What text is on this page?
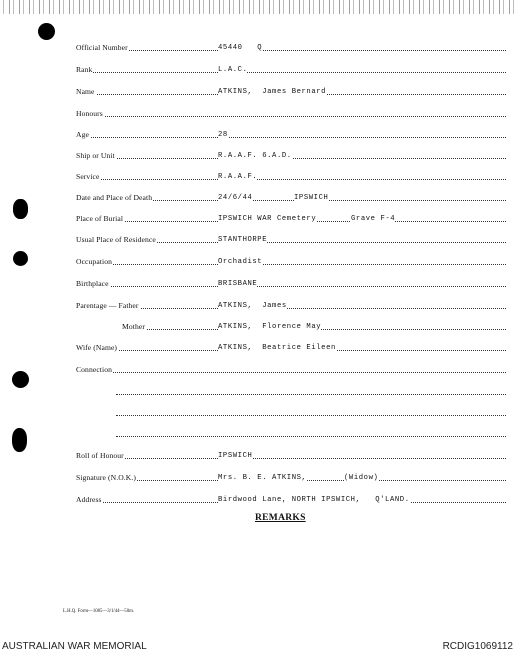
Official Number	45440   Q
Rank	L.A.C.
Name	ATKINS,  James Bernard
Honours
Age	28
Ship or Unit	R.A.A.F. 6.A.D.
Service	R.A.A.F.
Date and Place of Death	24/6/44	IPSWICH
Place of Burial	IPSWICH WAR Cemetery	Grave F-4
Usual Place of Residence	STANTHORPE
Occupation	Orchadist
Birthplace	BRISBANE
Parentage — Father	ATKINS,  James
Mother	ATKINS,  Florence May
Wife (Name)	ATKINS,  Beatrice Eileen
Connection
Roll of Honour	IPSWICH
Signature (N.O.K.)	Mrs. B. E. ATKINS,	(Widow)
Address	Birdwood Lane, NORTH IPSWICH,   Q'LAND.
REMARKS
L.H.Q. Form—1085—3/1/44—50m.
AUSTRALIAN WAR MEMORIAL	RCDIG1069112
